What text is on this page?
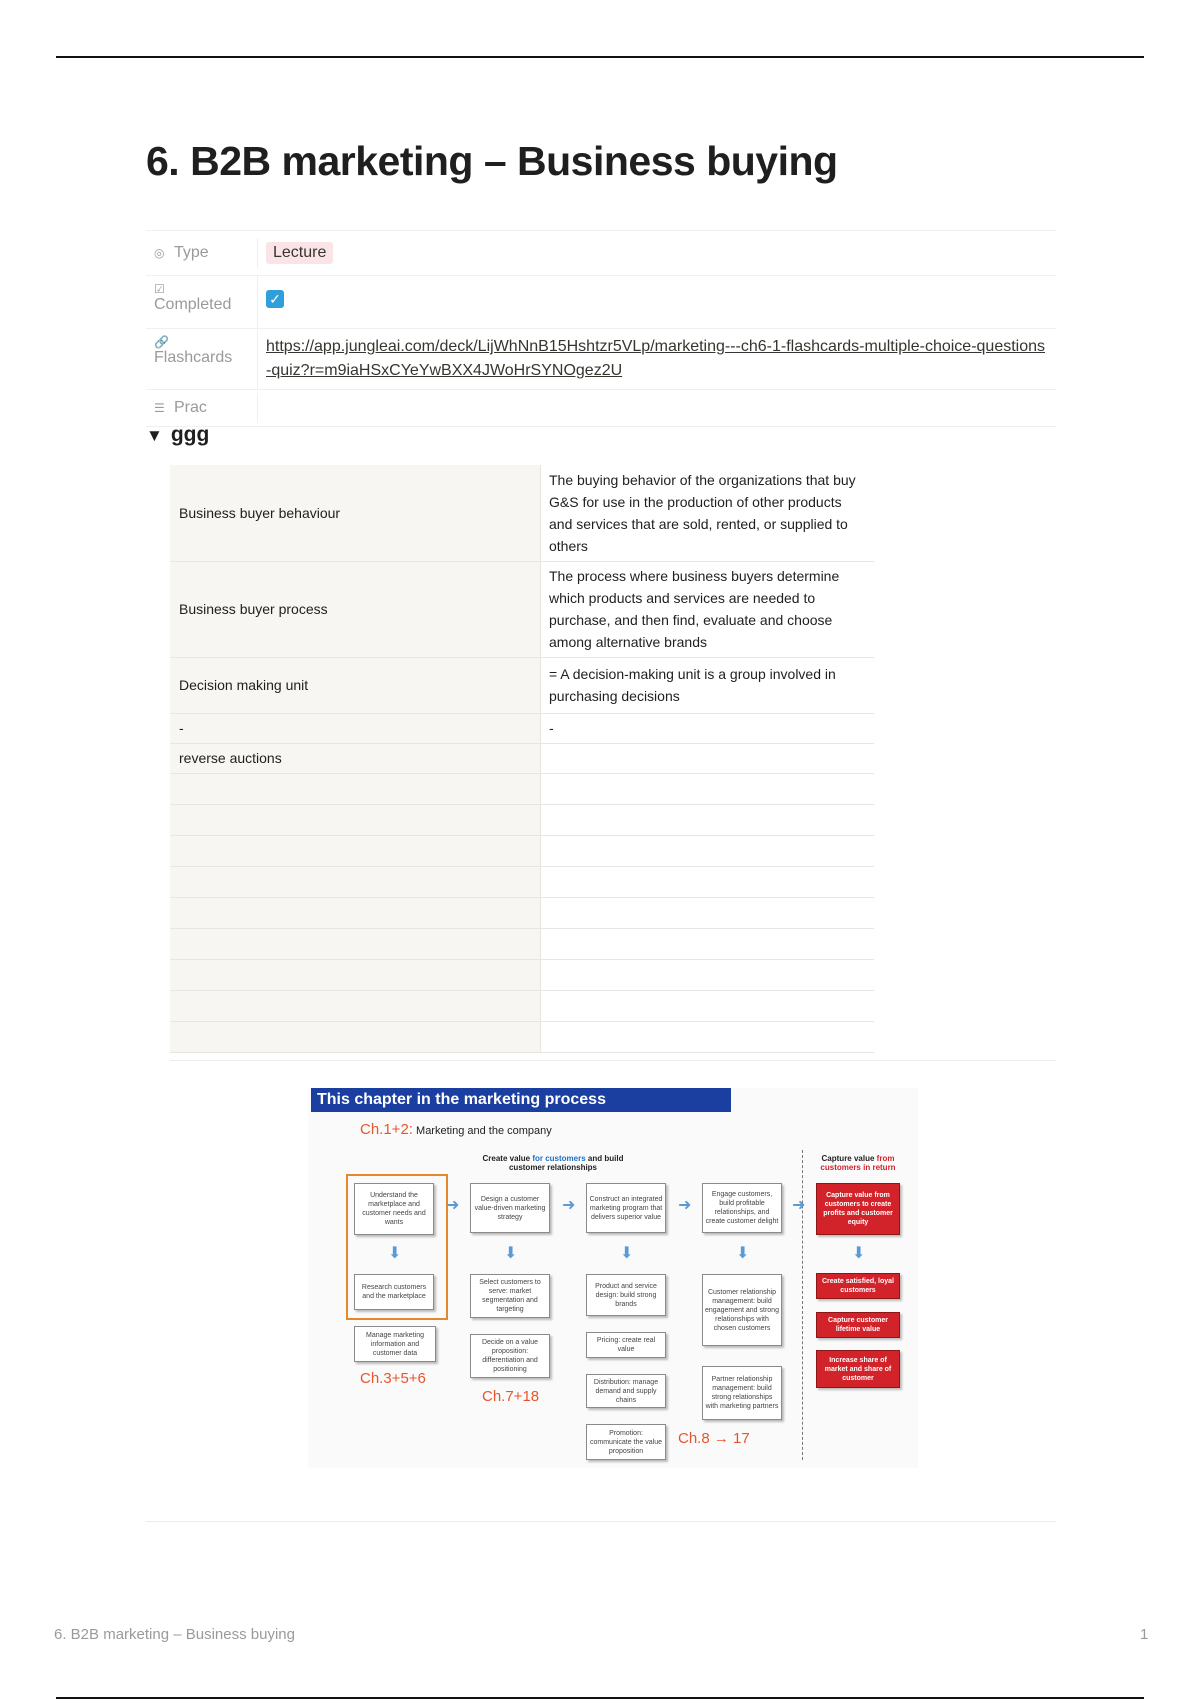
6. B2B marketing – Business buying
◎ Type	Lecture
☑
Completed	✓
🔗
Flashcards
https://app.jungleai.com/deck/LijWhNnB15Hshtzr5VLp/marketing---ch6-1-flashcards-multiple-choice-questions-quiz?r=m9iaHSxCYeYwBXX4JWoHrSYNOgez2U
☰ Prac
▼ ggg
Business buyer behaviour	The buying behavior of the organizations that buy G&S for use in the production of other products and services that are sold, rented, or supplied to others
Business buyer process	The process where business buyers determine which products and services are needed to purchase, and then find, evaluate and choose among alternative brands
Decision making unit	= A decision-making unit is a group involved in purchasing decisions
-	-
reverse auctions	

This chapter in the marketing process
Ch.1+2: Marketing and the company
Create value for customers and build customer relationships
Capture value from customers in return
Understand the marketplace and customer needs and wants
Research customers and the marketplace
Manage marketing information and customer data
Ch.3+5+6
Design a customer value-driven marketing strategy
Select customers to serve: market segmentation and targeting
Decide on a value proposition: differentiation and positioning
Ch.7+18
Construct an integrated marketing program that delivers superior value
Product and service design: build strong brands
Pricing: create real value
Distribution: manage demand and supply chains
Promotion: communicate the value proposition
Engage customers, build profitable relationships, and create customer delight
Customer relationship management: build engagement and strong relationships with chosen customers
Partner relationship management: build strong relationships with marketing partners
Ch.8 → 17
Capture value from customers to create profits and customer equity
Create satisfied, loyal customers
Capture customer lifetime value
Increase share of market and share of customer
➜	➜	➜	➜
⬇	⬇	⬇	⬇	⬇
6. B2B marketing – Business buying	1
